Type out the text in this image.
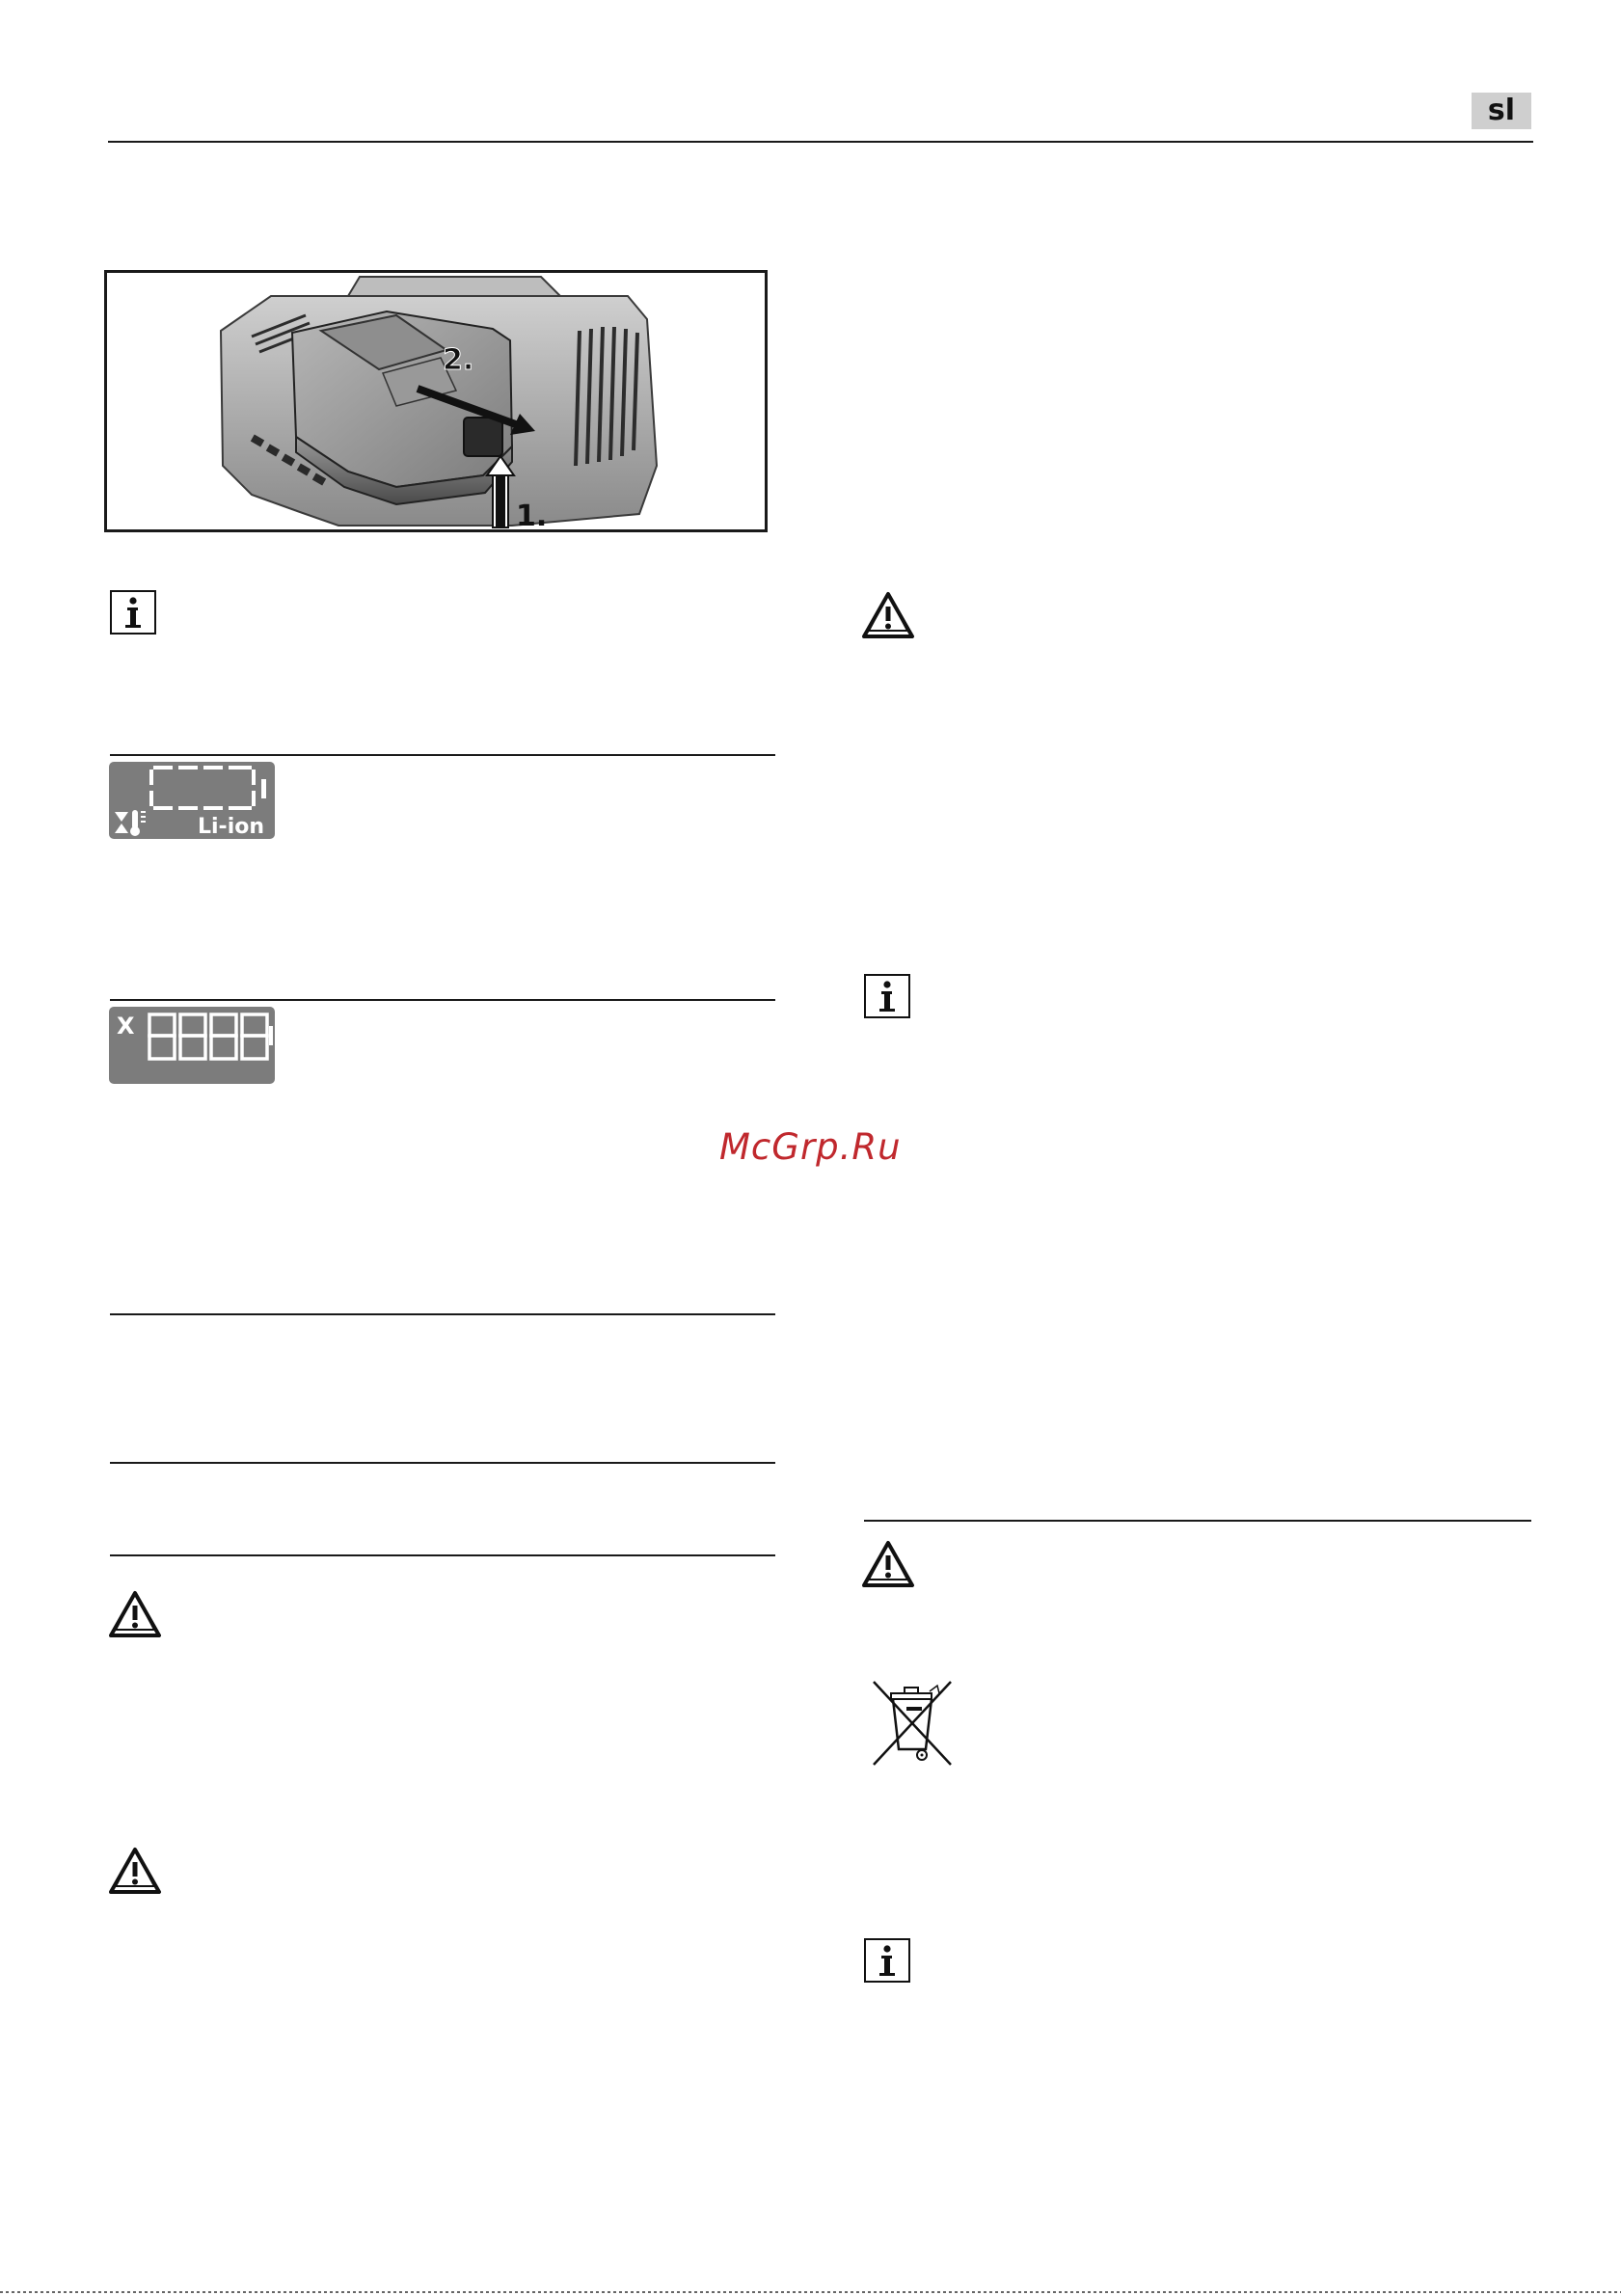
sl
2.
1.
Li-ion
X
McGrp.Ru
